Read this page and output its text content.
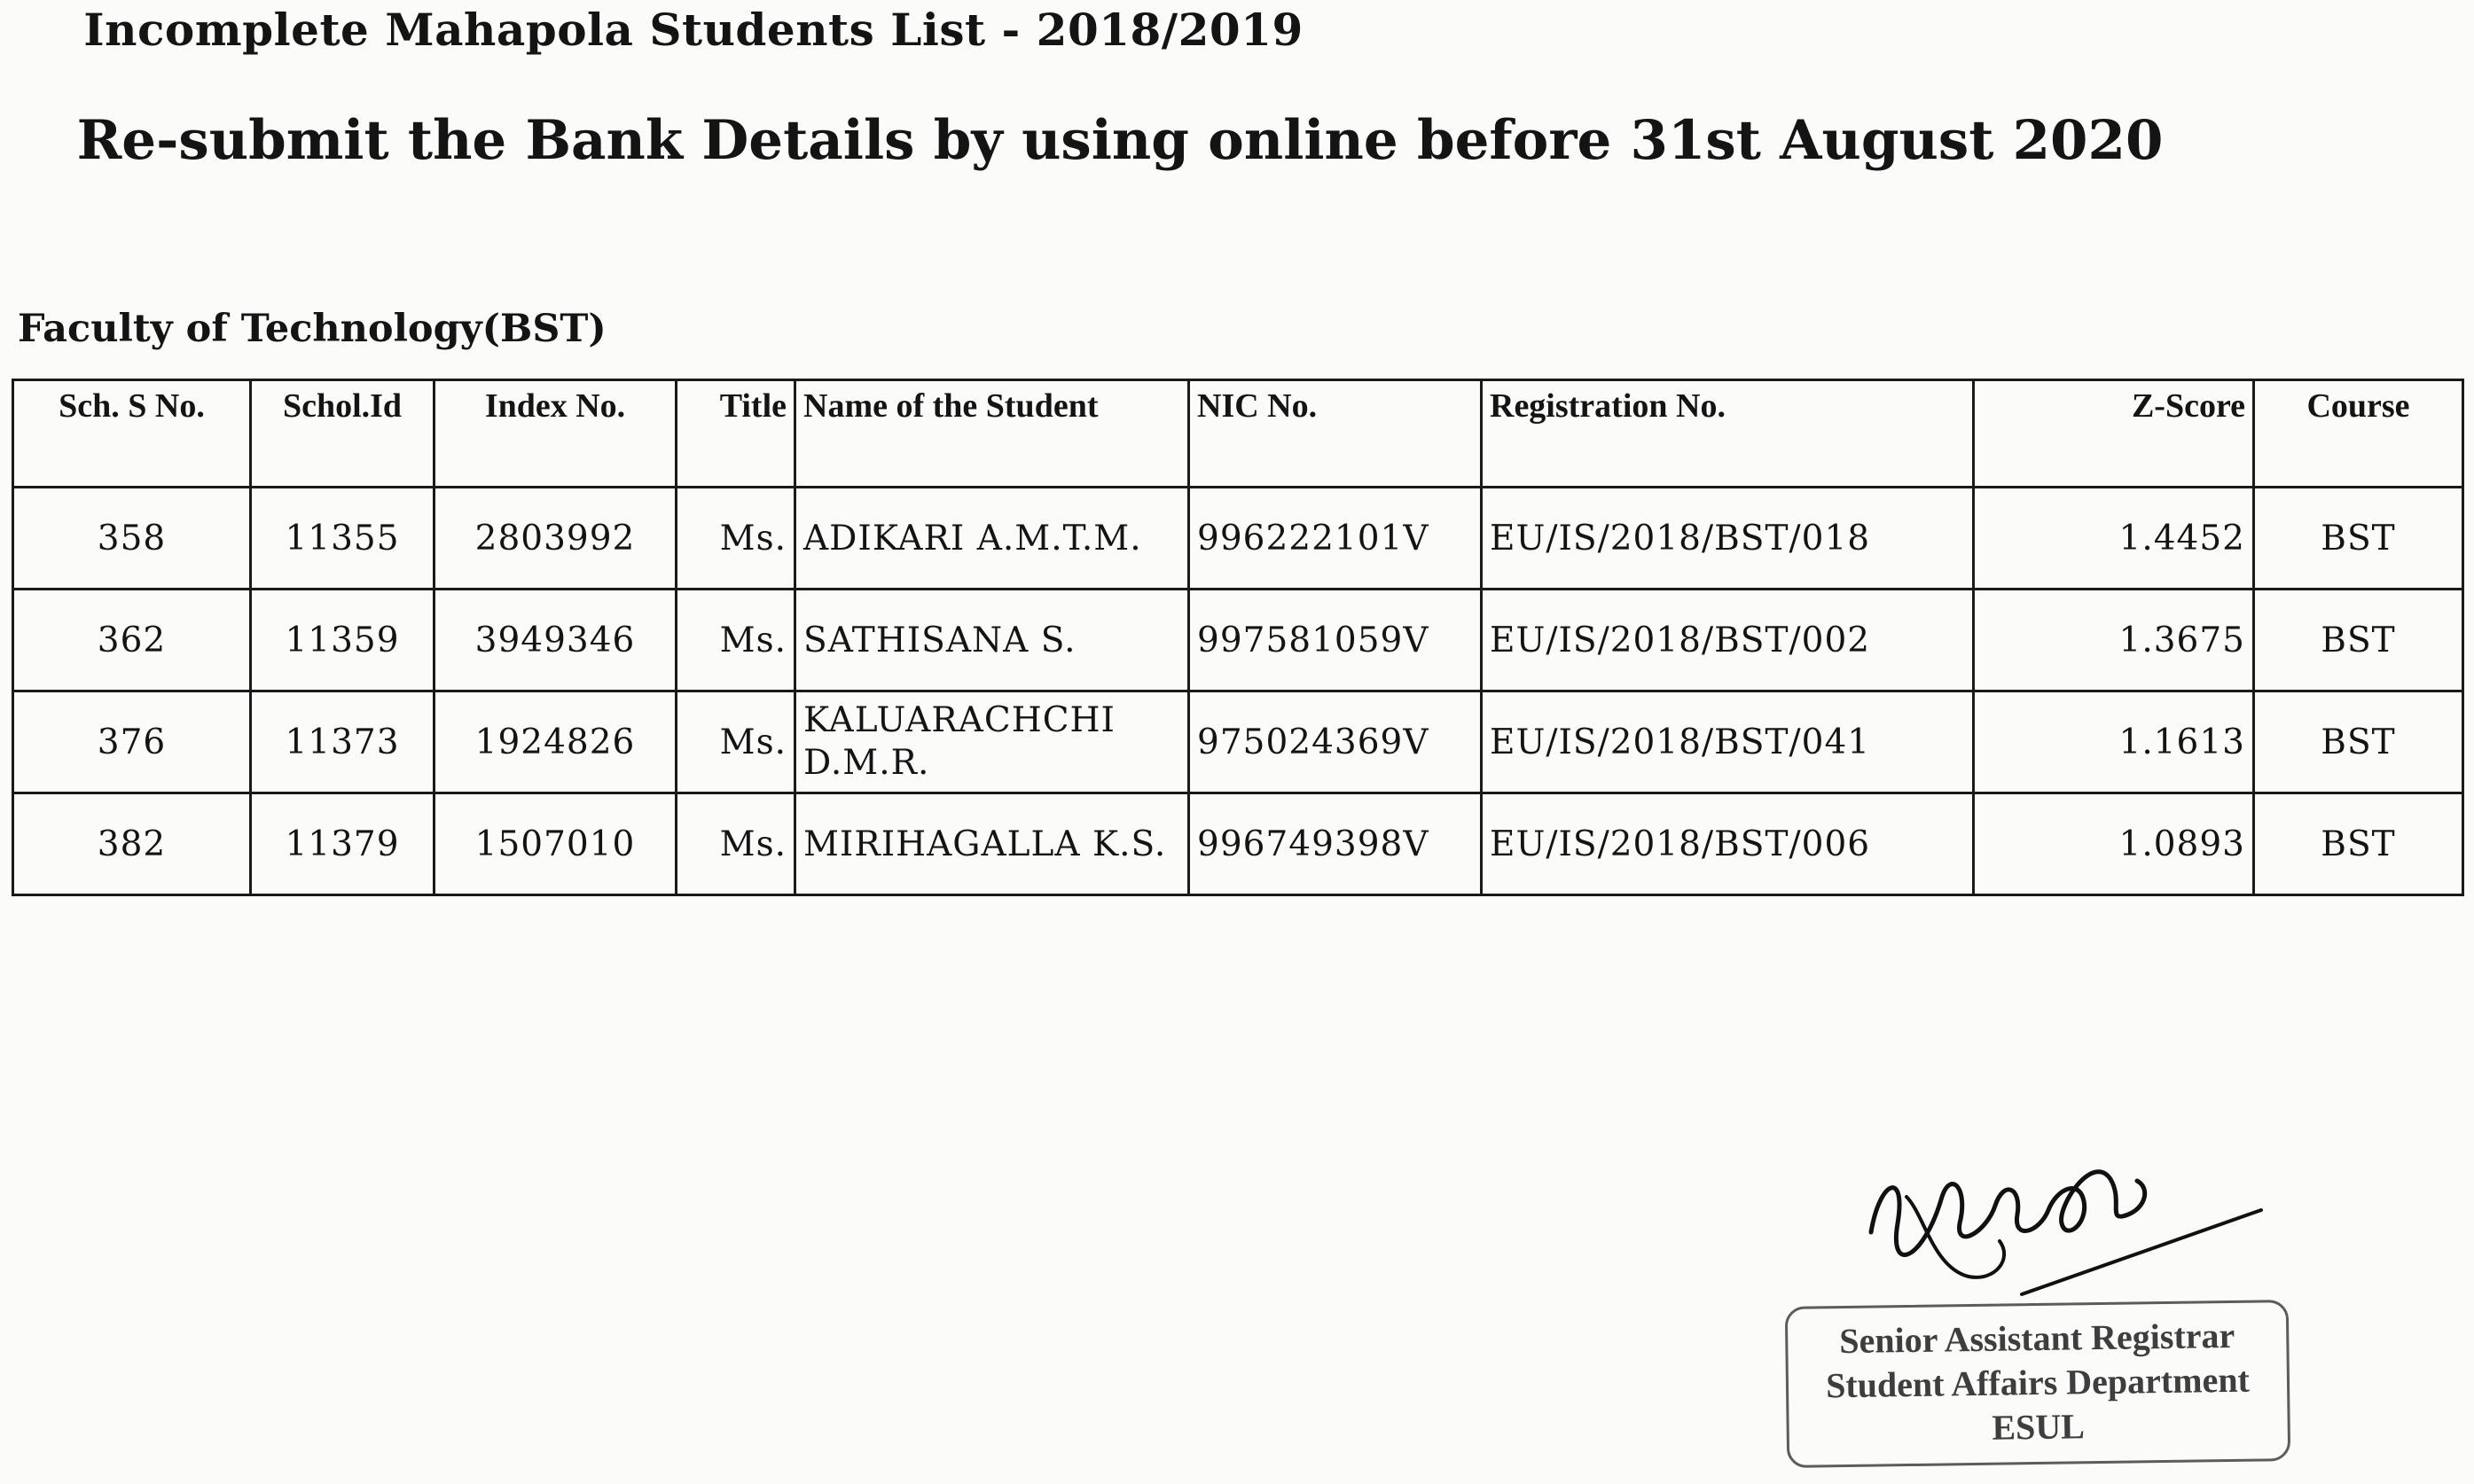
Incomplete Mahapola Students List - 2018/2019
Re-submit the Bank Details by using online before 31st August 2020
Faculty of Technology(BST)
Sch. S No.	Schol.Id	Index No.	Title	Name of the Student	NIC No.	Registration No.	Z-Score	Course
358	11355	2803992	Ms.	ADIKARI A.M.T.M.	996222101V	EU/IS/2018/BST/018	1.4452	BST
362	11359	3949346	Ms.	SATHISANA S.	997581059V	EU/IS/2018/BST/002	1.3675	BST
376	11373	1924826	Ms.	KALUARACHCHI D.M.R.	975024369V	EU/IS/2018/BST/041	1.1613	BST
382	11379	1507010	Ms.	MIRIHAGALLA K.S.	996749398V	EU/IS/2018/BST/006	1.0893	BST
Senior Assistant Registrar
Student Affairs Department
ESUL
